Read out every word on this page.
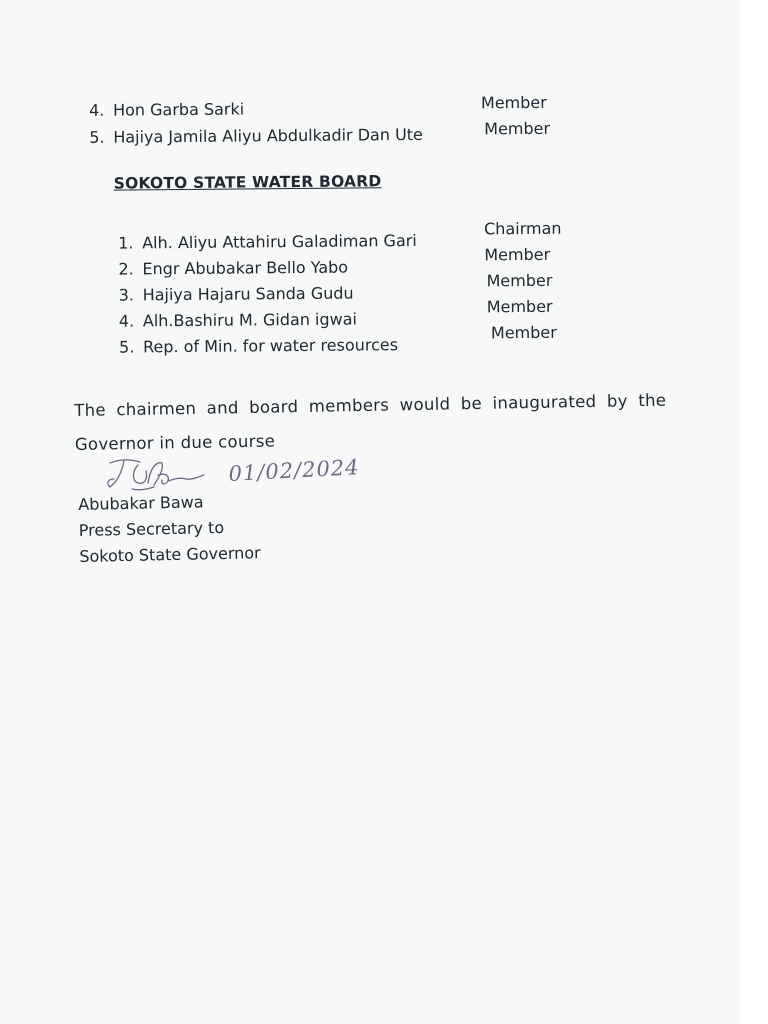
4. Hon Garba Sarki	Member
5. Hajiya Jamila Aliyu Abdulkadir Dan Ute	Member
SOKOTO STATE WATER BOARD
1. Alh. Aliyu Attahiru Galadiman Gari
Chairman
2. Engr Abubakar Bello Yabo
Member
3. Hajiya Hajaru Sanda Gudu
Member
4. Alh.Bashiru M. Gidan igwai
Member
5. Rep. of Min. for water resources
Member
The chairmen and board members would be inaugurated by the Governor in due course
01/02/2024
Abubakar Bawa
Press Secretary to
Sokoto State Governor
